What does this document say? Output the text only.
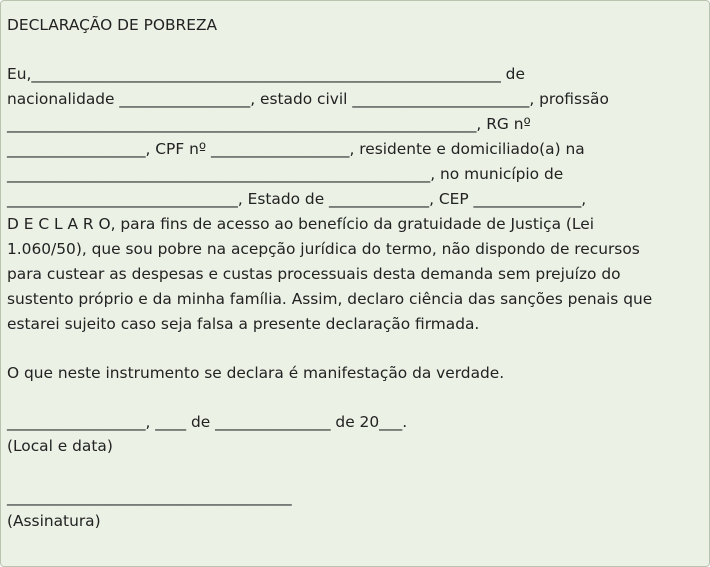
DECLARAÇÃO DE POBREZA
Eu,_____________________________________________________________ de
nacionalidade _________________, estado civil _______________________, profissão
_____________________________________________________________, RG nº
__________________, CPF nº __________________, residente e domiciliado(a) na
_______________________________________________________, no município de
______________________________, Estado de _____________, CEP ______________,
D E C L A R O, para fins de acesso ao benefício da gratuidade de Justiça (Lei
1.060/50), que sou pobre na acepção jurídica do termo, não dispondo de recursos
para custear as despesas e custas processuais desta demanda sem prejuízo do
sustento próprio e da minha família. Assim, declaro ciência das sanções penais que
estarei sujeito caso seja falsa a presente declaração firmada.
O que neste instrumento se declara é manifestação da verdade.
__________________, ____ de _______________ de 20___.
(Local e data)
_____________________________________
(Assinatura)
